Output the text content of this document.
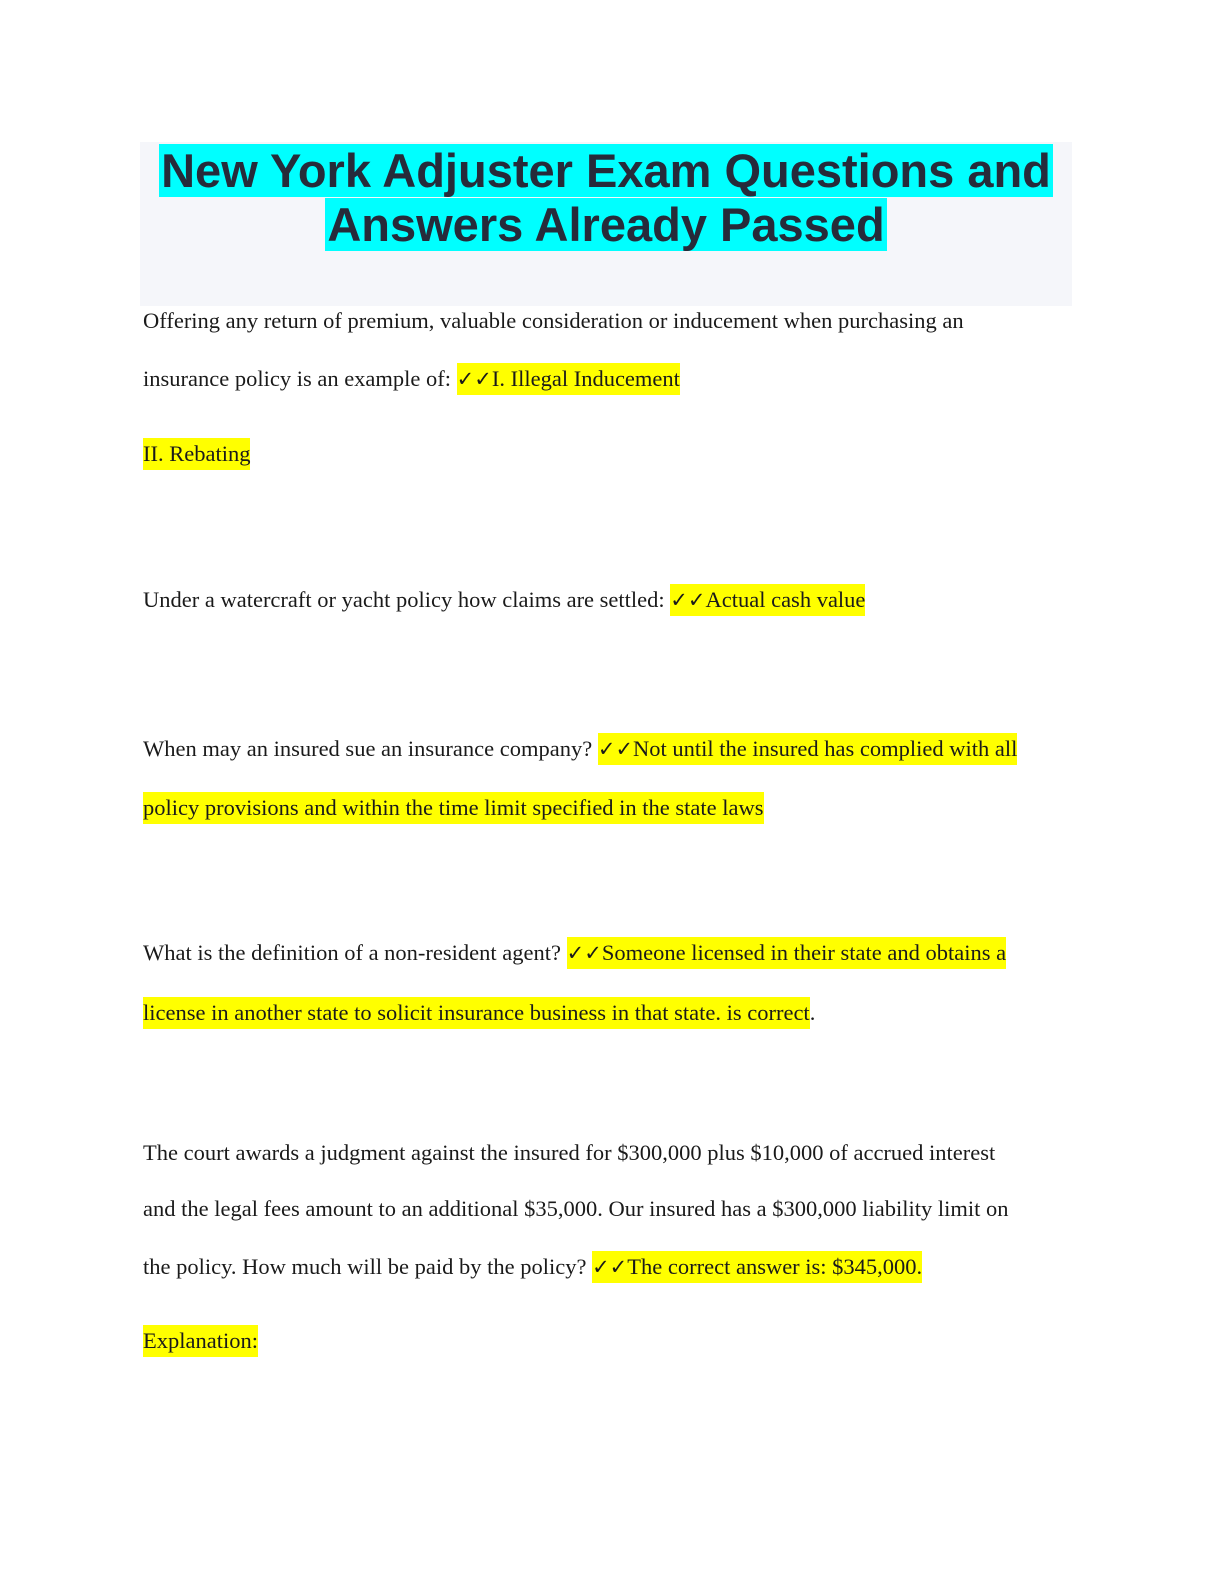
New York Adjuster Exam Questions and
Answers Already Passed

Offering any return of premium, valuable consideration or inducement when purchasing an

insurance policy is an example of: ✓✓I. Illegal Inducement

II. Rebating

Under a watercraft or yacht policy how claims are settled: ✓✓Actual cash value

When may an insured sue an insurance company? ✓✓Not until the insured has complied with all

policy provisions and within the time limit specified in the state laws

What is the definition of a non-resident agent? ✓✓Someone licensed in their state and obtains a

license in another state to solicit insurance business in that state. is correct.

The court awards a judgment against the insured for $300,000 plus $10,000 of accrued interest

and the legal fees amount to an additional $35,000. Our insured has a $300,000 liability limit on

the policy. How much will be paid by the policy? ✓✓The correct answer is: $345,000.

Explanation:
